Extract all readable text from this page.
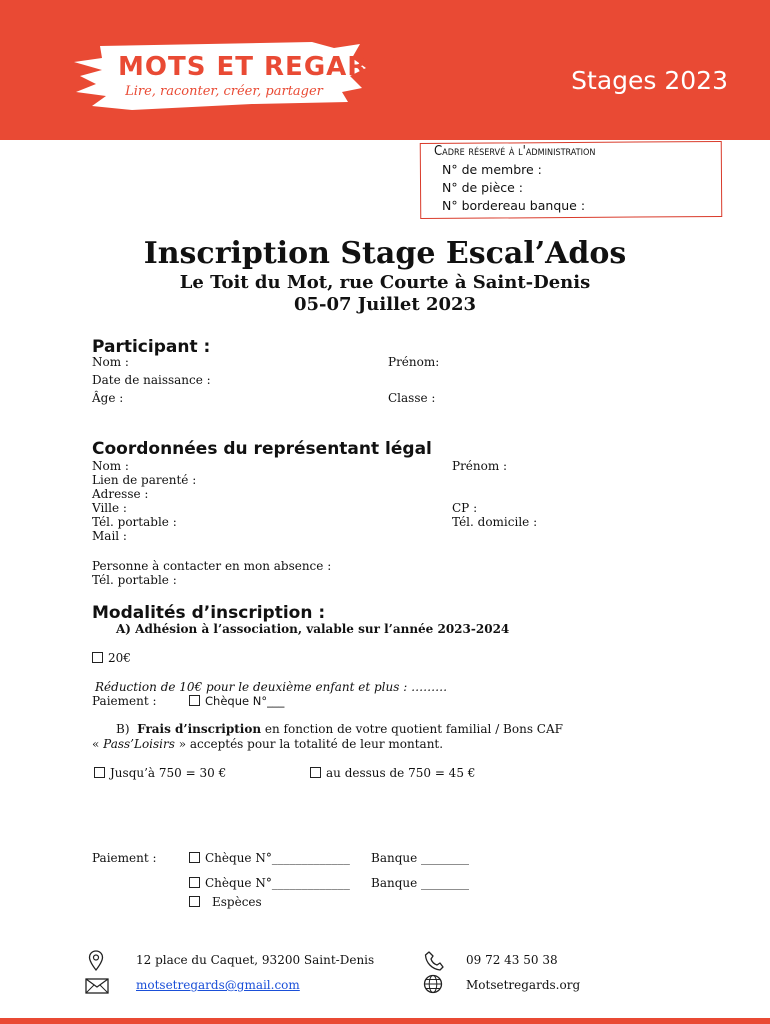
MOTS ET REGARDS
Lire, raconter, créer, partager	Stages 2023
Cadre réservé à l'administration
N° de membre :
N° de pièce :
N° bordereau banque :
Inscription Stage Escal’Ados
Le Toit du Mot, rue Courte à Saint-Denis
05-07 Juillet 2023
Participant :
Nom :	Prénom:
Date de naissance :
Âge :	Classe :
Coordonnées du représentant légal
Nom :	Prénom :
Lien de parenté :
Adresse :
Ville :	CP :
Tél. portable :	Tél. domicile :
Mail :
Personne à contacter en mon absence :
Tél. portable :
Modalités d’inscription :
A) Adhésion à l’association, valable sur l’année 2023-2024
20€
Réduction de 10€ pour le deuxième enfant et plus : ………
Paiement :	Chèque N°___
B) Frais d’inscription en fonction de votre quotient familial / Bons CAF
« Pass’Loisirs » acceptés pour la totalité de leur montant.
Jusqu’à 750 = 30 €	au dessus de 750 = 45 €
Paiement :	Chèque N°_____________ Banque ________
Chèque N°_____________ Banque ________
Espèces
12 place du Caquet, 93200 Saint-Denis	09 72 43 50 38
motsetregards@gmail.com	Motsetregards.org
